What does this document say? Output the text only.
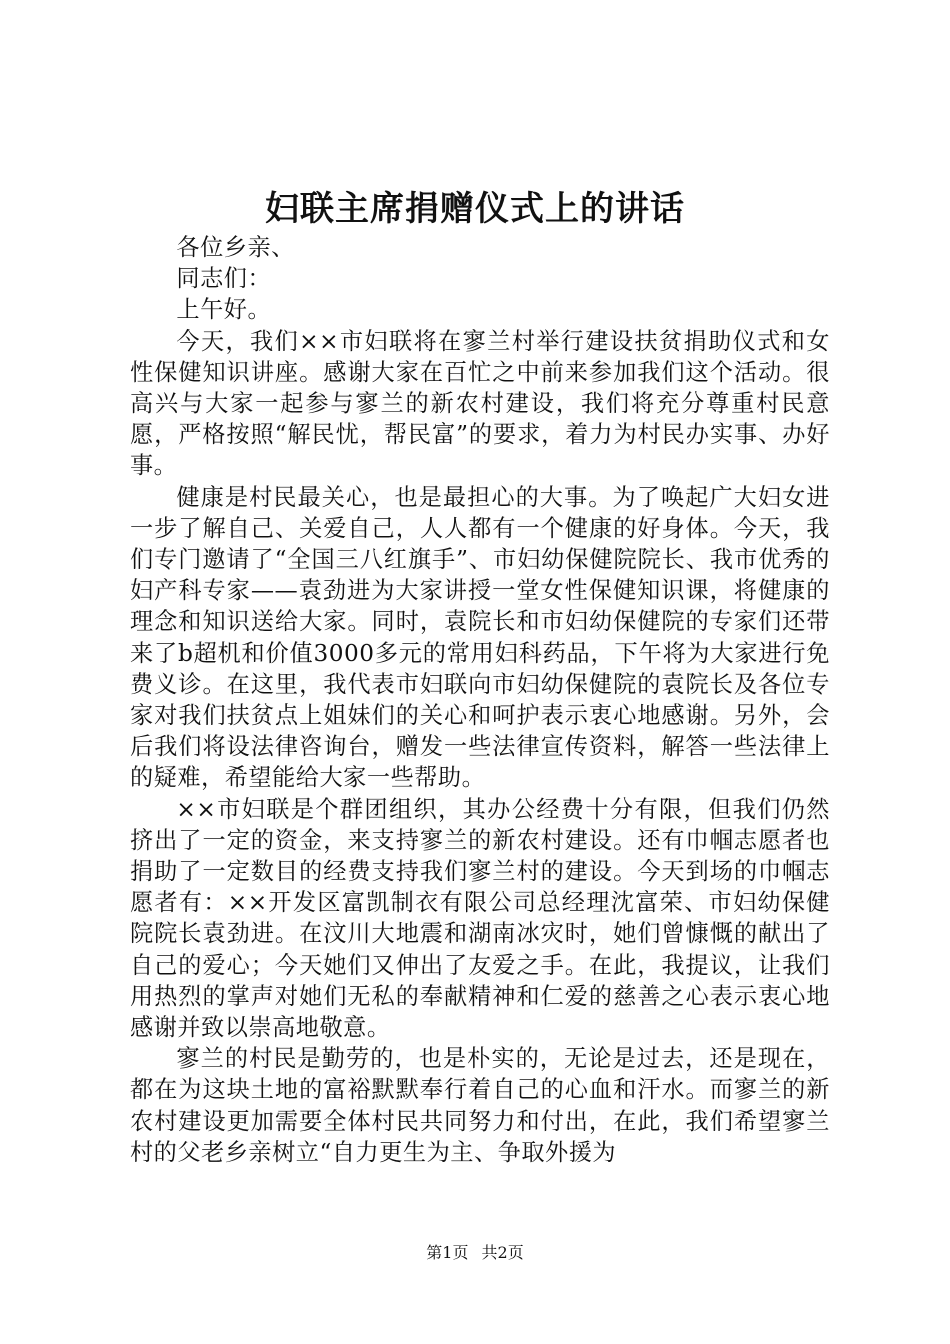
妇联主席捐赠仪式上的讲话

各位乡亲、

同志们：

上午好。

今天，我们××市妇联将在寥兰村举行建设扶贫捐助仪式和女性保健知识讲座。感谢大家在百忙之中前来参加我们这个活动。很高兴与大家一起参与寥兰的新农村建设，我们将充分尊重村民意愿，严格按照“解民忧，帮民富”的要求，着力为村民办实事、办好事。

健康是村民最关心，也是最担心的大事。为了唤起广大妇女进一步了解自己、关爱自己，人人都有一个健康的好身体。今天，我们专门邀请了“全国三八红旗手”、市妇幼保健院院长、我市优秀的妇产科专家——袁劲进为大家讲授一堂女性保健知识课，将健康的理念和知识送给大家。同时，袁院长和市妇幼保健院的专家们还带来了b超机和价值3000多元的常用妇科药品，下午将为大家进行免费义诊。在这里，我代表市妇联向市妇幼保健院的袁院长及各位专家对我们扶贫点上姐妹们的关心和呵护表示衷心地感谢。另外，会后我们将设法律咨询台，赠发一些法律宣传资料，解答一些法律上的疑难，希望能给大家一些帮助。

××市妇联是个群团组织，其办公经费十分有限，但我们仍然挤出了一定的资金，来支持寥兰的新农村建设。还有巾帼志愿者也捐助了一定数目的经费支持我们寥兰村的建设。今天到场的巾帼志愿者有：××开发区富凯制衣有限公司总经理沈富荣、市妇幼保健院院长袁劲进。在汶川大地震和湖南冰灾时，她们曾慷慨的献出了自己的爱心；今天她们又伸出了友爱之手。在此，我提议，让我们用热烈的掌声对她们无私的奉献精神和仁爱的慈善之心表示衷心地感谢并致以崇高地敬意。

寥兰的村民是勤劳的，也是朴实的，无论是过去，还是现在，都在为这块土地的富裕默默奉行着自己的心血和汗水。而寥兰的新农村建设更加需要全体村民共同努力和付出，在此，我们希望寥兰村的父老乡亲树立“自力更生为主、争取外援为

第1页 共2页
